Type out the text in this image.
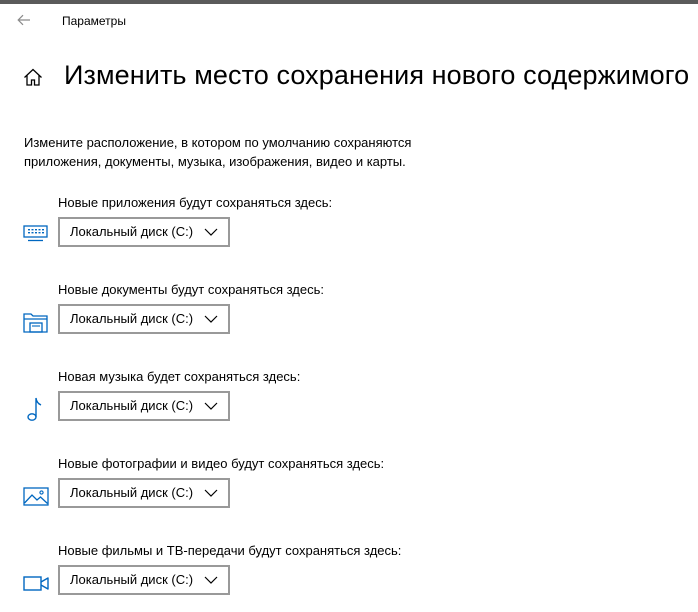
Параметры
Изменить место сохранения нового содержимого
Измените расположение, в котором по умолчанию сохраняются приложения, документы, музыка, изображения, видео и карты.
Новые приложения будут сохраняться здесь:
Локальный диск (C:)
Новые документы будут сохраняться здесь:
Локальный диск (C:)
Новая музыка будет сохраняться здесь:
Локальный диск (C:)
Новые фотографии и видео будут сохраняться здесь:
Локальный диск (C:)
Новые фильмы и ТВ-передачи будут сохраняться здесь:
Локальный диск (C:)
